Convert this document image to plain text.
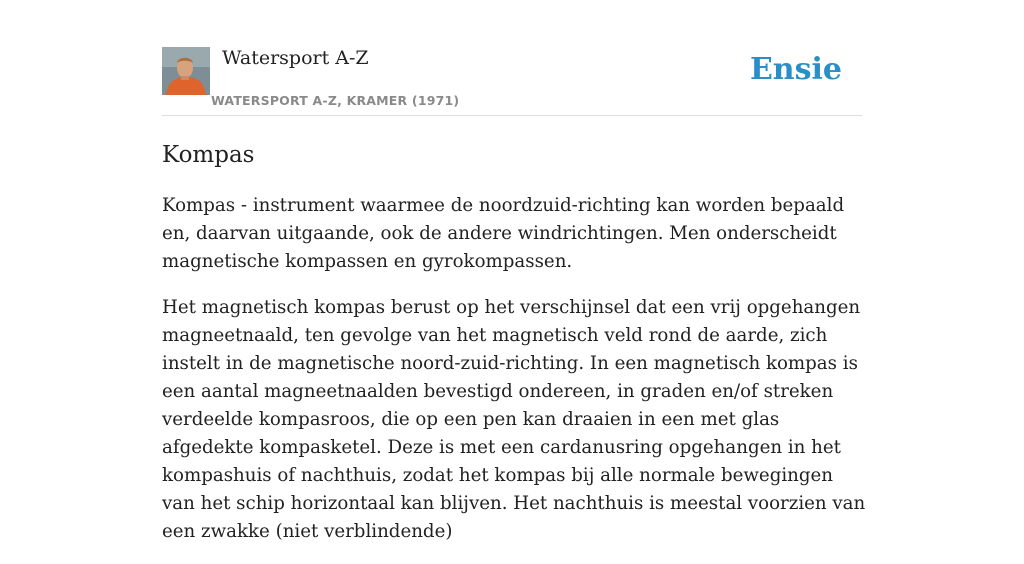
Watersport A-Z
WATERSPORT A-Z, KRAMER (1971)
Ensie
Kompas

Kompas - instrument waarmee de noordzuid-richting kan worden bepaald en, daarvan uitgaande, ook de andere windrichtingen. Men onderscheidt magnetische kompassen en gyrokompassen.

Het magnetisch kompas berust op het verschijnsel dat een vrij opgehangen magneetnaald, ten gevolge van het magnetisch veld rond de aarde, zich instelt in de magnetische noord-zuid-richting. In een magnetisch kompas is een aantal magneetnaalden bevestigd ondereen, in graden en/of streken verdeelde kompasroos, die op een pen kan draaien in een met glas afgedekte kompasketel. Deze is met een cardanusring opgehangen in het kompashuis of nachthuis, zodat het kompas bij alle normale bewegingen van het schip horizontaal kan blijven. Het nachthuis is meestal voorzien van een zwakke (niet verblindende)
